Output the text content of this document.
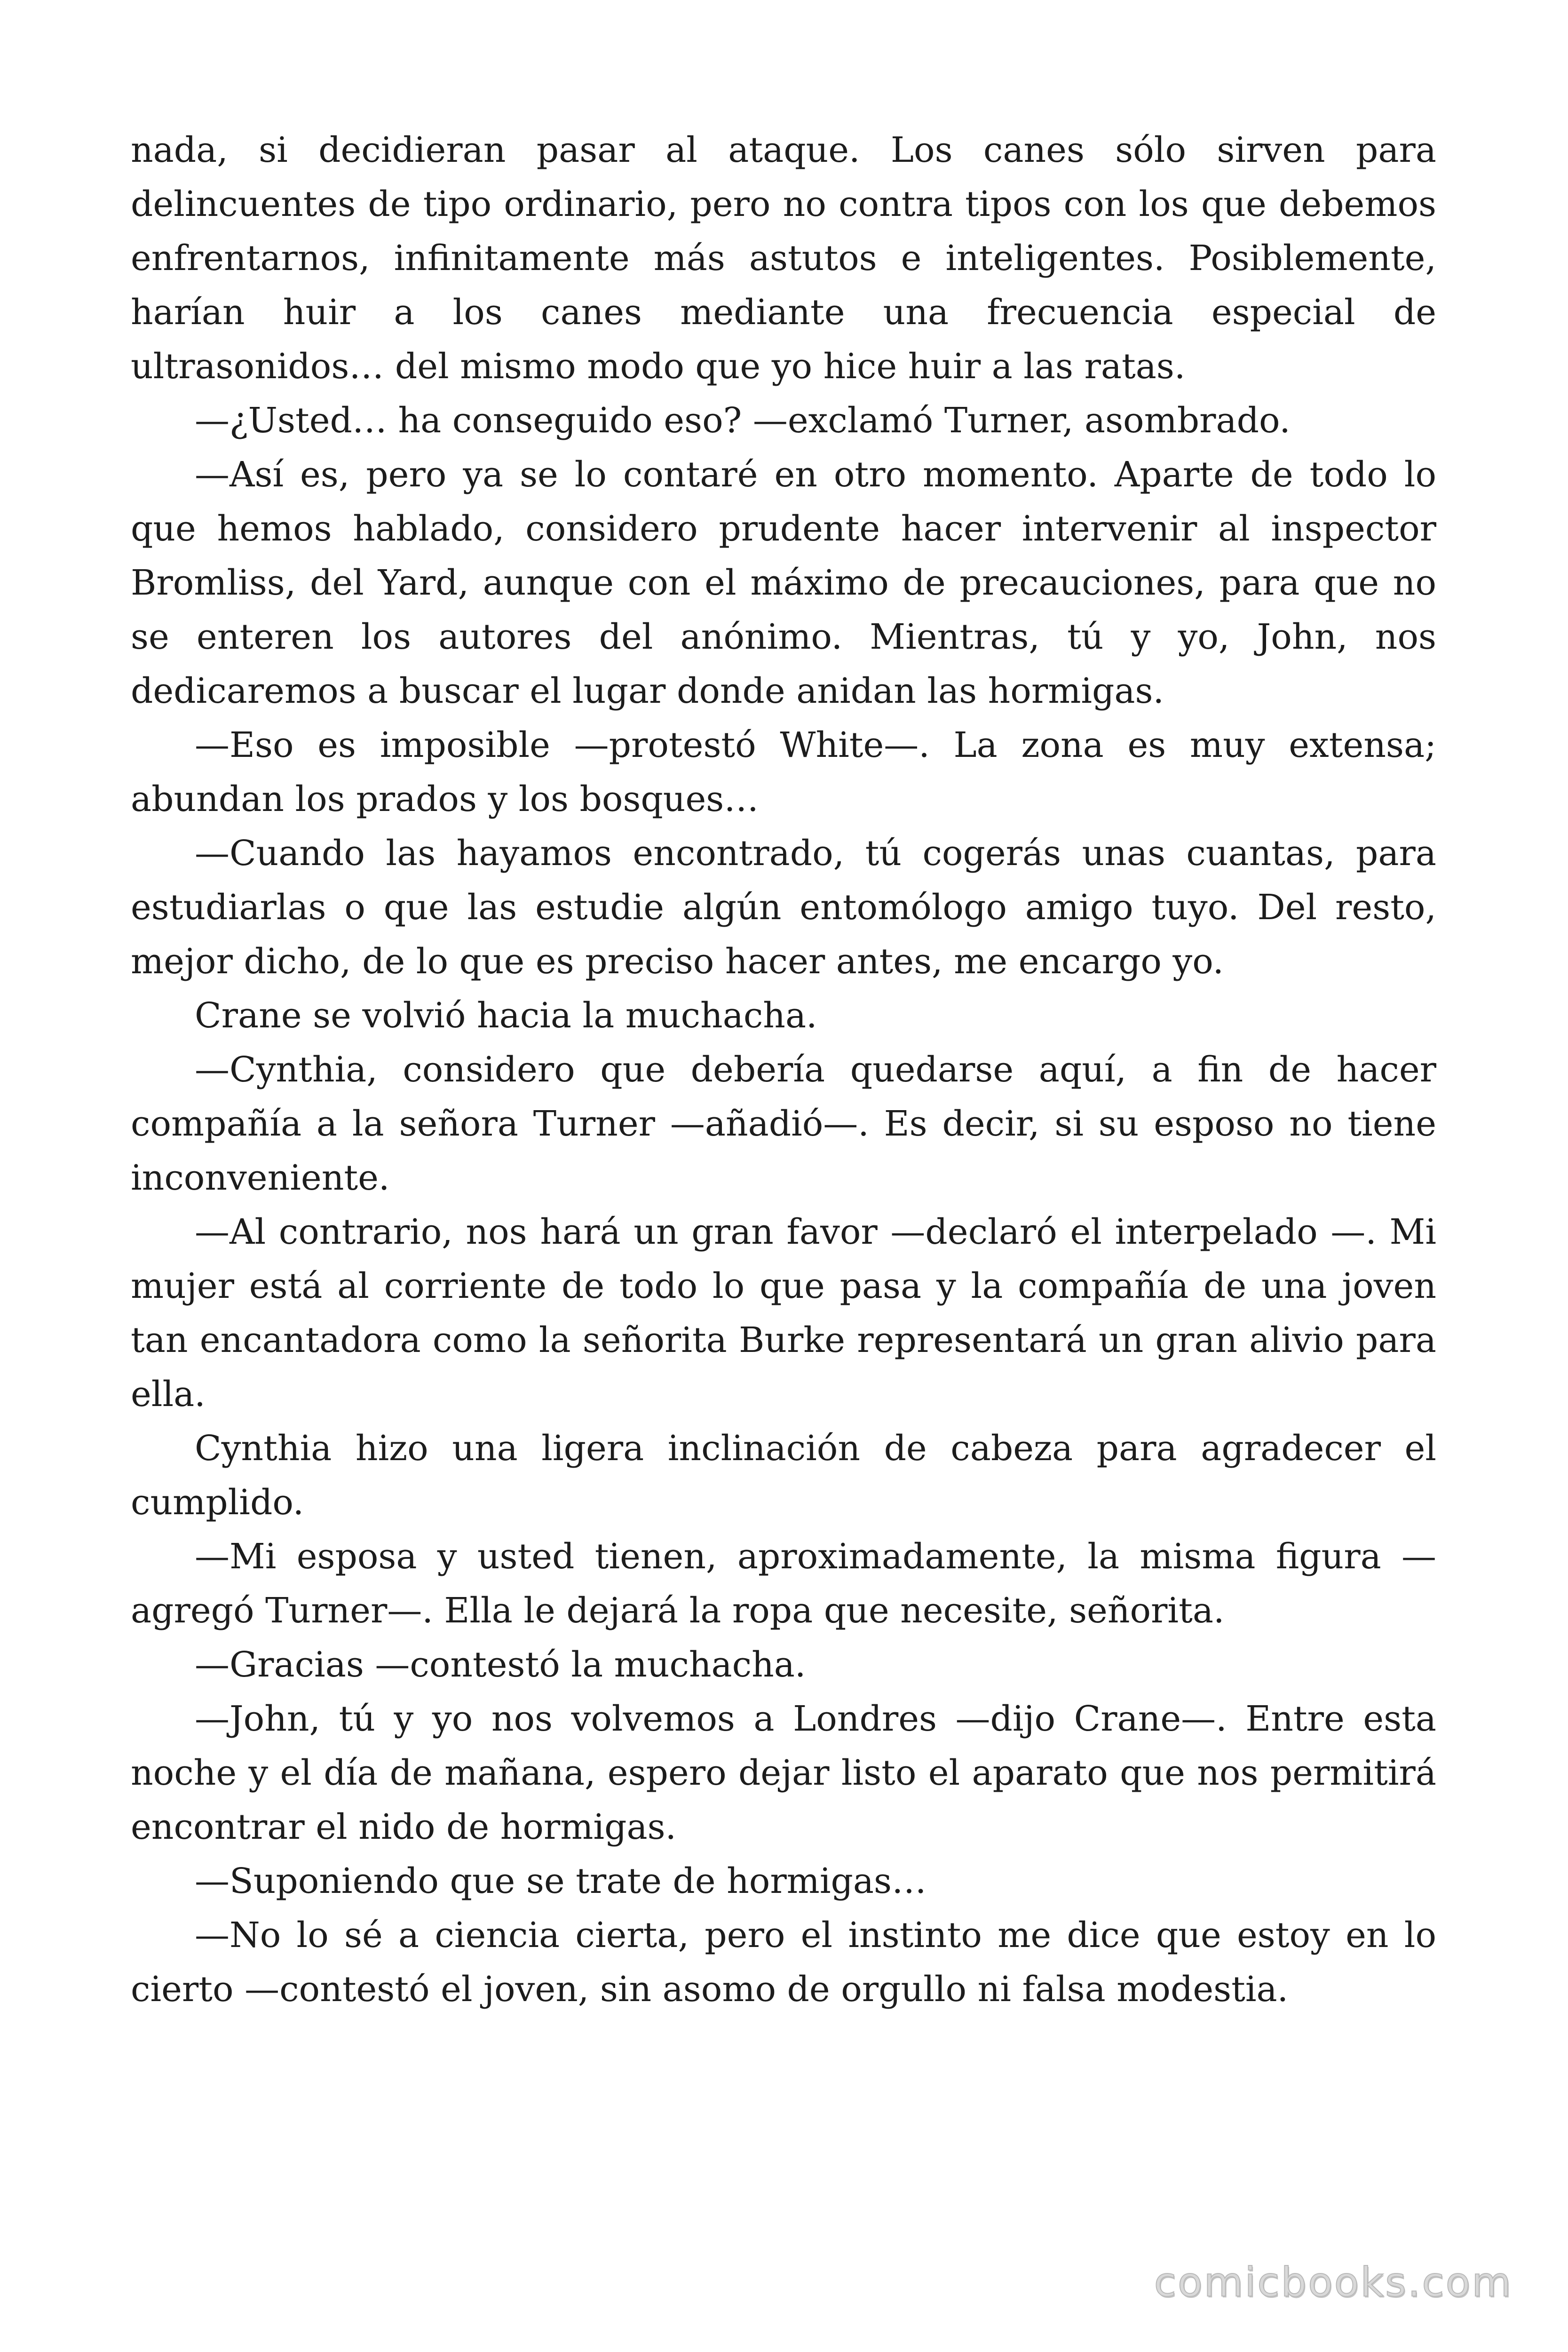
nada, si decidieran pasar al ataque. Los canes sólo sirven para delincuentes de tipo ordinario, pero no contra tipos con los que debemos enfrentarnos, infinitamente más astutos e inteligentes. Posiblemente, harían huir a los canes mediante una frecuencia especial de ultrasonidos… del mismo modo que yo hice huir a las ratas.

—¿Usted… ha conseguido eso? —exclamó Turner, asombrado.

—Así es, pero ya se lo contaré en otro momento. Aparte de todo lo que hemos hablado, considero prudente hacer intervenir al inspector Bromliss, del Yard, aunque con el máximo de precauciones, para que no se enteren los autores del anónimo. Mientras, tú y yo, John, nos dedicaremos a buscar el lugar donde anidan las hormigas.

—Eso es imposible —protestó White—. La zona es muy extensa; abundan los prados y los bosques…

—Cuando las hayamos encontrado, tú cogerás unas cuantas, para estudiarlas o que las estudie algún entomólogo amigo tuyo. Del resto, mejor dicho, de lo que es preciso hacer antes, me encargo yo.

Crane se volvió hacia la muchacha.

—Cynthia, considero que debería quedarse aquí, a fin de hacer compañía a la señora Turner —añadió—. Es decir, si su esposo no tiene inconveniente.

—Al contrario, nos hará un gran favor —declaró el interpelado —. Mi mujer está al corriente de todo lo que pasa y la compañía de una joven tan encantadora como la señorita Burke representará un gran alivio para ella.

Cynthia hizo una ligera inclinación de cabeza para agradecer el cumplido.

—Mi esposa y usted tienen, aproximadamente, la misma figura —agregó Turner—. Ella le dejará la ropa que necesite, señorita.

—Gracias —contestó la muchacha.

—John, tú y yo nos volvemos a Londres —dijo Crane—. Entre esta noche y el día de mañana, espero dejar listo el aparato que nos permitirá encontrar el nido de hormigas.

—Suponiendo que se trate de hormigas…

—No lo sé a ciencia cierta, pero el instinto me dice que estoy en lo cierto —contestó el joven, sin asomo de orgullo ni falsa modestia.

comicbooks.com
